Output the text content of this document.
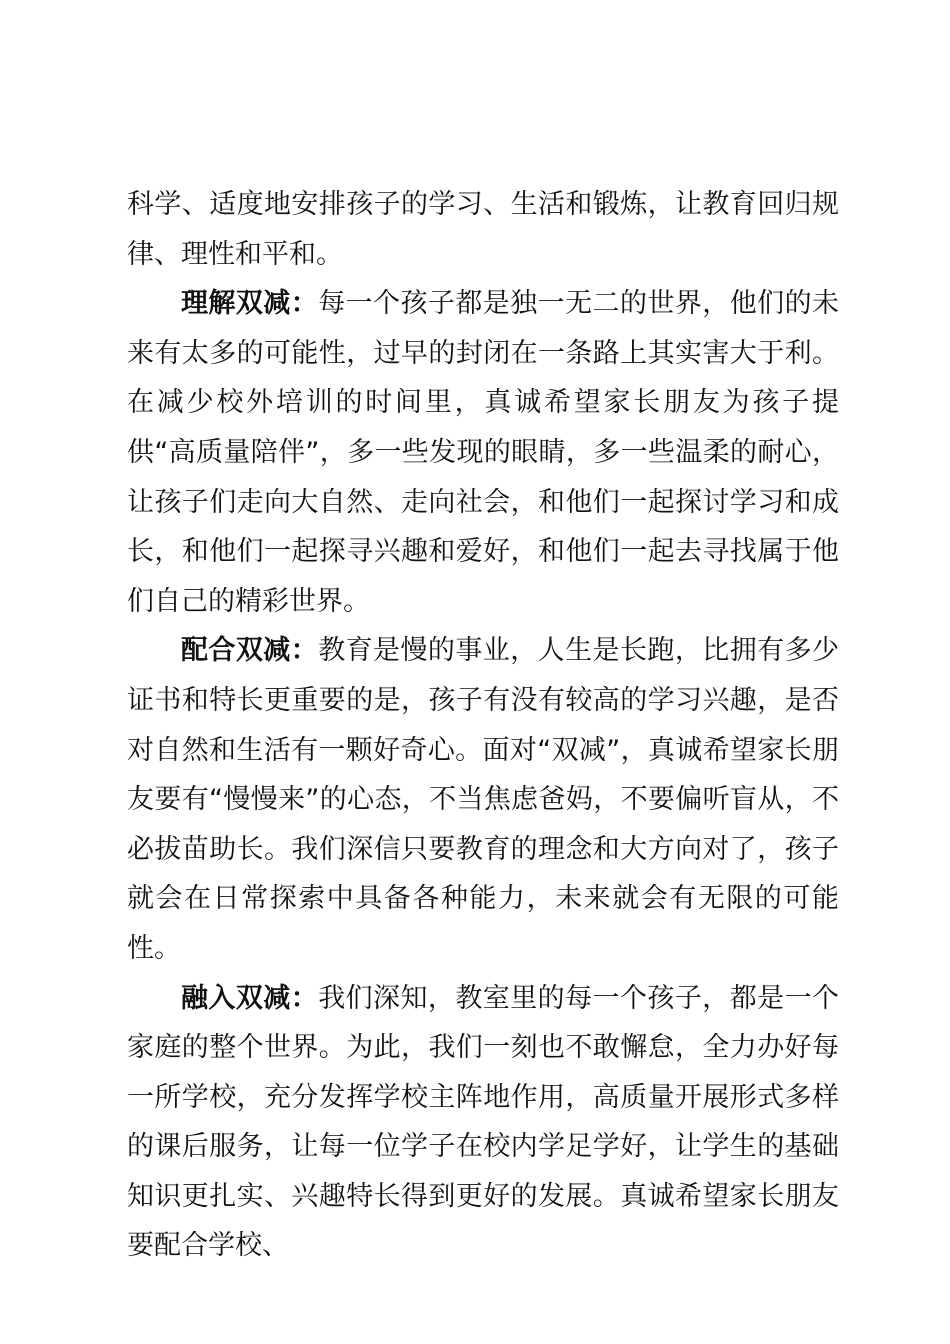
科学、适度地安排孩子的学习、生活和锻炼，让教育回归规律、理性和平和。

理解双减：每一个孩子都是独一无二的世界，他们的未来有太多的可能性，过早的封闭在一条路上其实害大于利。在减少校外培训的时间里，真诚希望家长朋友为孩子提供“高质量陪伴”，多一些发现的眼睛，多一些温柔的耐心，让孩子们走向大自然、走向社会，和他们一起探讨学习和成长，和他们一起探寻兴趣和爱好，和他们一起去寻找属于他们自己的精彩世界。

配合双减：教育是慢的事业，人生是长跑，比拥有多少证书和特长更重要的是，孩子有没有较高的学习兴趣，是否对自然和生活有一颗好奇心。面对“双减”，真诚希望家长朋友要有“慢慢来”的心态，不当焦虑爸妈，不要偏听盲从，不必拔苗助长。我们深信只要教育的理念和大方向对了，孩子就会在日常探索中具备各种能力，未来就会有无限的可能性。

融入双减：我们深知，教室里的每一个孩子，都是一个家庭的整个世界。为此，我们一刻也不敢懈怠，全力办好每一所学校，充分发挥学校主阵地作用，高质量开展形式多样的课后服务，让每一位学子在校内学足学好，让学生的基础知识更扎实、兴趣特长得到更好的发展。真诚希望家长朋友要配合学校、
